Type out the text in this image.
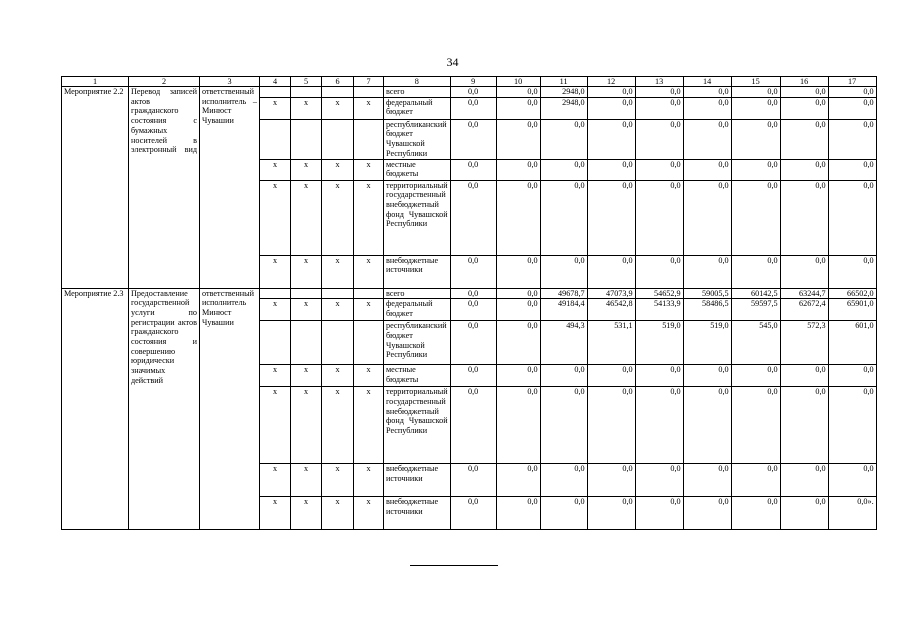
34
1	2	3	4	5	6	7	8	9	10	11	12	13	14	15	16	17
Мероприятие 2.2	Перевод записей актов гражданского состояния с бумажных носителей в электронный вид	ответственный исполнитель – Минюст Чувашии					всего	0,0	0,0	2948,0	0,0	0,0	0,0	0,0	0,0	0,0
			х	х	х	х	федеральный бюджет	0,0	0,0	2948,0	0,0	0,0	0,0	0,0	0,0	0,0
							республиканский бюджет Чувашской Республики	0,0	0,0	0,0	0,0	0,0	0,0	0,0	0,0	0,0
			х	х	х	х	местные бюджеты	0,0	0,0	0,0	0,0	0,0	0,0	0,0	0,0	0,0
			х	х	х	х	территориальный государственный внебюджетный фонд Чувашской Республики	0,0	0,0	0,0	0,0	0,0	0,0	0,0	0,0	0,0
			х	х	х	х	внебюджетные источники	0,0	0,0	0,0	0,0	0,0	0,0	0,0	0,0	0,0
Мероприятие 2.3	Предоставление государственной услуги по регистрации актов гражданского состояния и совершению юридически значимых действий	ответственный исполнитель Минюст Чувашии					всего	0,0	0,0	49678,7	47073,9	54652,9	59005,5	60142,5	63244,7	66502,0
			х	х	х	х	федеральный бюджет	0,0	0,0	49184,4	46542,8	54133,9	58486,5	59597,5	62672,4	65901,0
							республиканский бюджет Чувашской Республики	0,0	0,0	494,3	531,1	519,0	519,0	545,0	572,3	601,0
			х	х	х	х	местные бюджеты	0,0	0,0	0,0	0,0	0,0	0,0	0,0	0,0	0,0
			х	х	х	х	территориальный государственный внебюджетный фонд Чувашской Республики	0,0	0,0	0,0	0,0	0,0	0,0	0,0	0,0	0,0
			х	х	х	х	внебюджетные источники	0,0	0,0	0,0	0,0	0,0	0,0	0,0	0,0	0,0
			х	х	х	х	внебюджетные источники	0,0	0,0	0,0	0,0	0,0	0,0	0,0	0,0	0,0».
